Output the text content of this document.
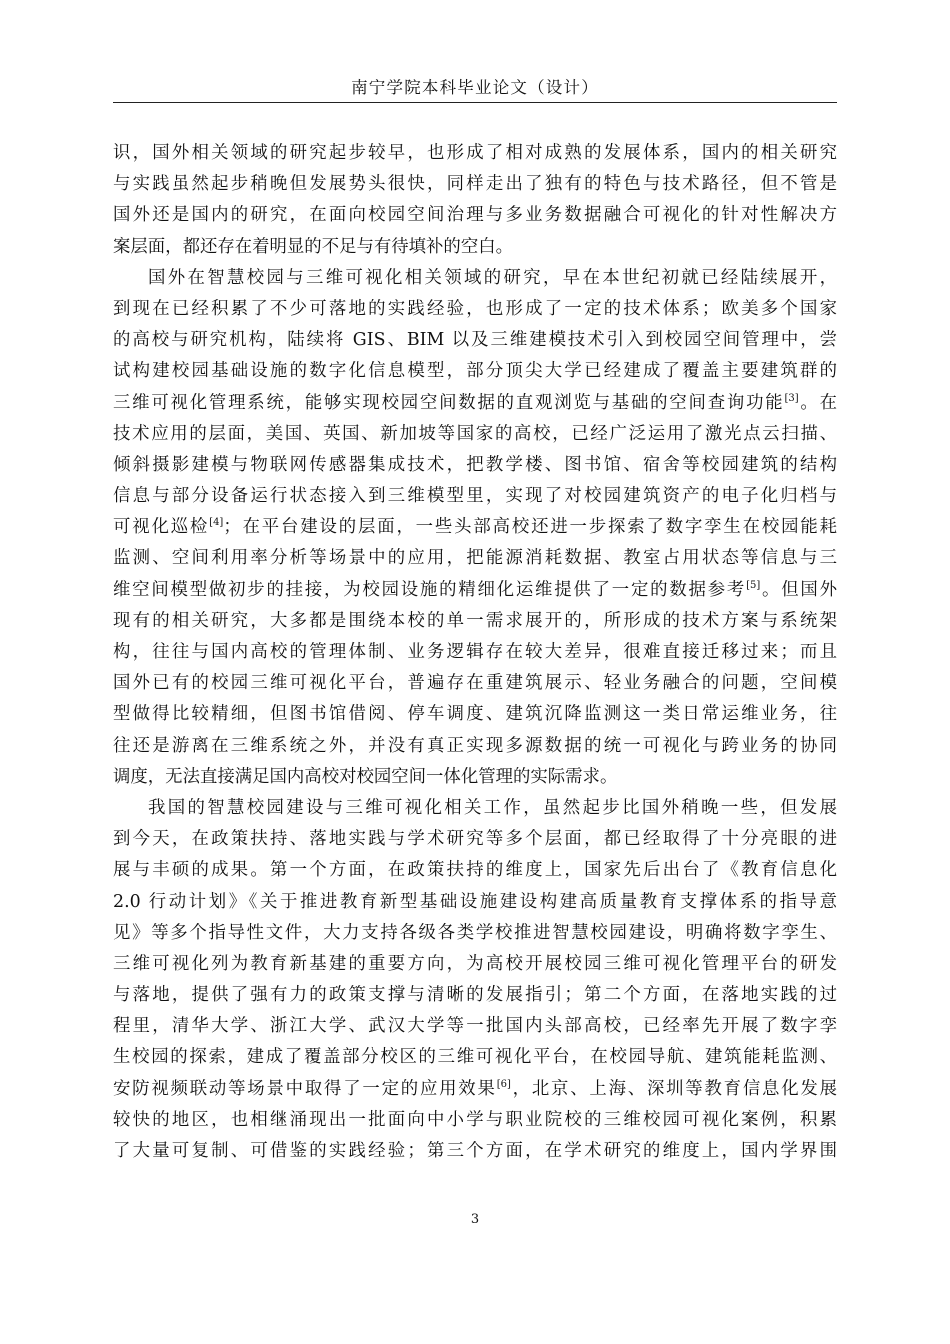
南宁学院本科毕业论文（设计）
识，国外相关领域的研究起步较早，也形成了相对成熟的发展体系，国内的相关研究
与实践虽然起步稍晚但发展势头很快，同样走出了独有的特色与技术路径，但不管是
国外还是国内的研究，在面向校园空间治理与多业务数据融合可视化的针对性解决方
案层面，都还存在着明显的不足与有待填补的空白。
国外在智慧校园与三维可视化相关领域的研究，早在本世纪初就已经陆续展开，
到现在已经积累了不少可落地的实践经验，也形成了一定的技术体系；欧美多个国家
的高校与研究机构，陆续将 GIS、BIM 以及三维建模技术引入到校园空间管理中，尝
试构建校园基础设施的数字化信息模型，部分顶尖大学已经建成了覆盖主要建筑群的
三维可视化管理系统，能够实现校园空间数据的直观浏览与基础的空间查询功能[3]。在
技术应用的层面，美国、英国、新加坡等国家的高校，已经广泛运用了激光点云扫描、
倾斜摄影建模与物联网传感器集成技术，把教学楼、图书馆、宿舍等校园建筑的结构
信息与部分设备运行状态接入到三维模型里，实现了对校园建筑资产的电子化归档与
可视化巡检[4]；在平台建设的层面，一些头部高校还进一步探索了数字孪生在校园能耗
监测、空间利用率分析等场景中的应用，把能源消耗数据、教室占用状态等信息与三
维空间模型做初步的挂接，为校园设施的精细化运维提供了一定的数据参考[5]。但国外
现有的相关研究，大多都是围绕本校的单一需求展开的，所形成的技术方案与系统架
构，往往与国内高校的管理体制、业务逻辑存在较大差异，很难直接迁移过来；而且
国外已有的校园三维可视化平台，普遍存在重建筑展示、轻业务融合的问题，空间模
型做得比较精细，但图书馆借阅、停车调度、建筑沉降监测这一类日常运维业务，往
往还是游离在三维系统之外，并没有真正实现多源数据的统一可视化与跨业务的协同
调度，无法直接满足国内高校对校园空间一体化管理的实际需求。
我国的智慧校园建设与三维可视化相关工作，虽然起步比国外稍晚一些，但发展
到今天，在政策扶持、落地实践与学术研究等多个层面，都已经取得了十分亮眼的进
展与丰硕的成果。第一个方面，在政策扶持的维度上，国家先后出台了《教育信息化
2.0 行动计划》《关于推进教育新型基础设施建设构建高质量教育支撑体系的指导意
见》等多个指导性文件，大力支持各级各类学校推进智慧校园建设，明确将数字孪生、
三维可视化列为教育新基建的重要方向，为高校开展校园三维可视化管理平台的研发
与落地，提供了强有力的政策支撑与清晰的发展指引；第二个方面，在落地实践的过
程里，清华大学、浙江大学、武汉大学等一批国内头部高校，已经率先开展了数字孪
生校园的探索，建成了覆盖部分校区的三维可视化平台，在校园导航、建筑能耗监测、
安防视频联动等场景中取得了一定的应用效果[6]，北京、上海、深圳等教育信息化发展
较快的地区，也相继涌现出一批面向中小学与职业院校的三维校园可视化案例，积累
了大量可复制、可借鉴的实践经验；第三个方面，在学术研究的维度上，国内学界围
3
